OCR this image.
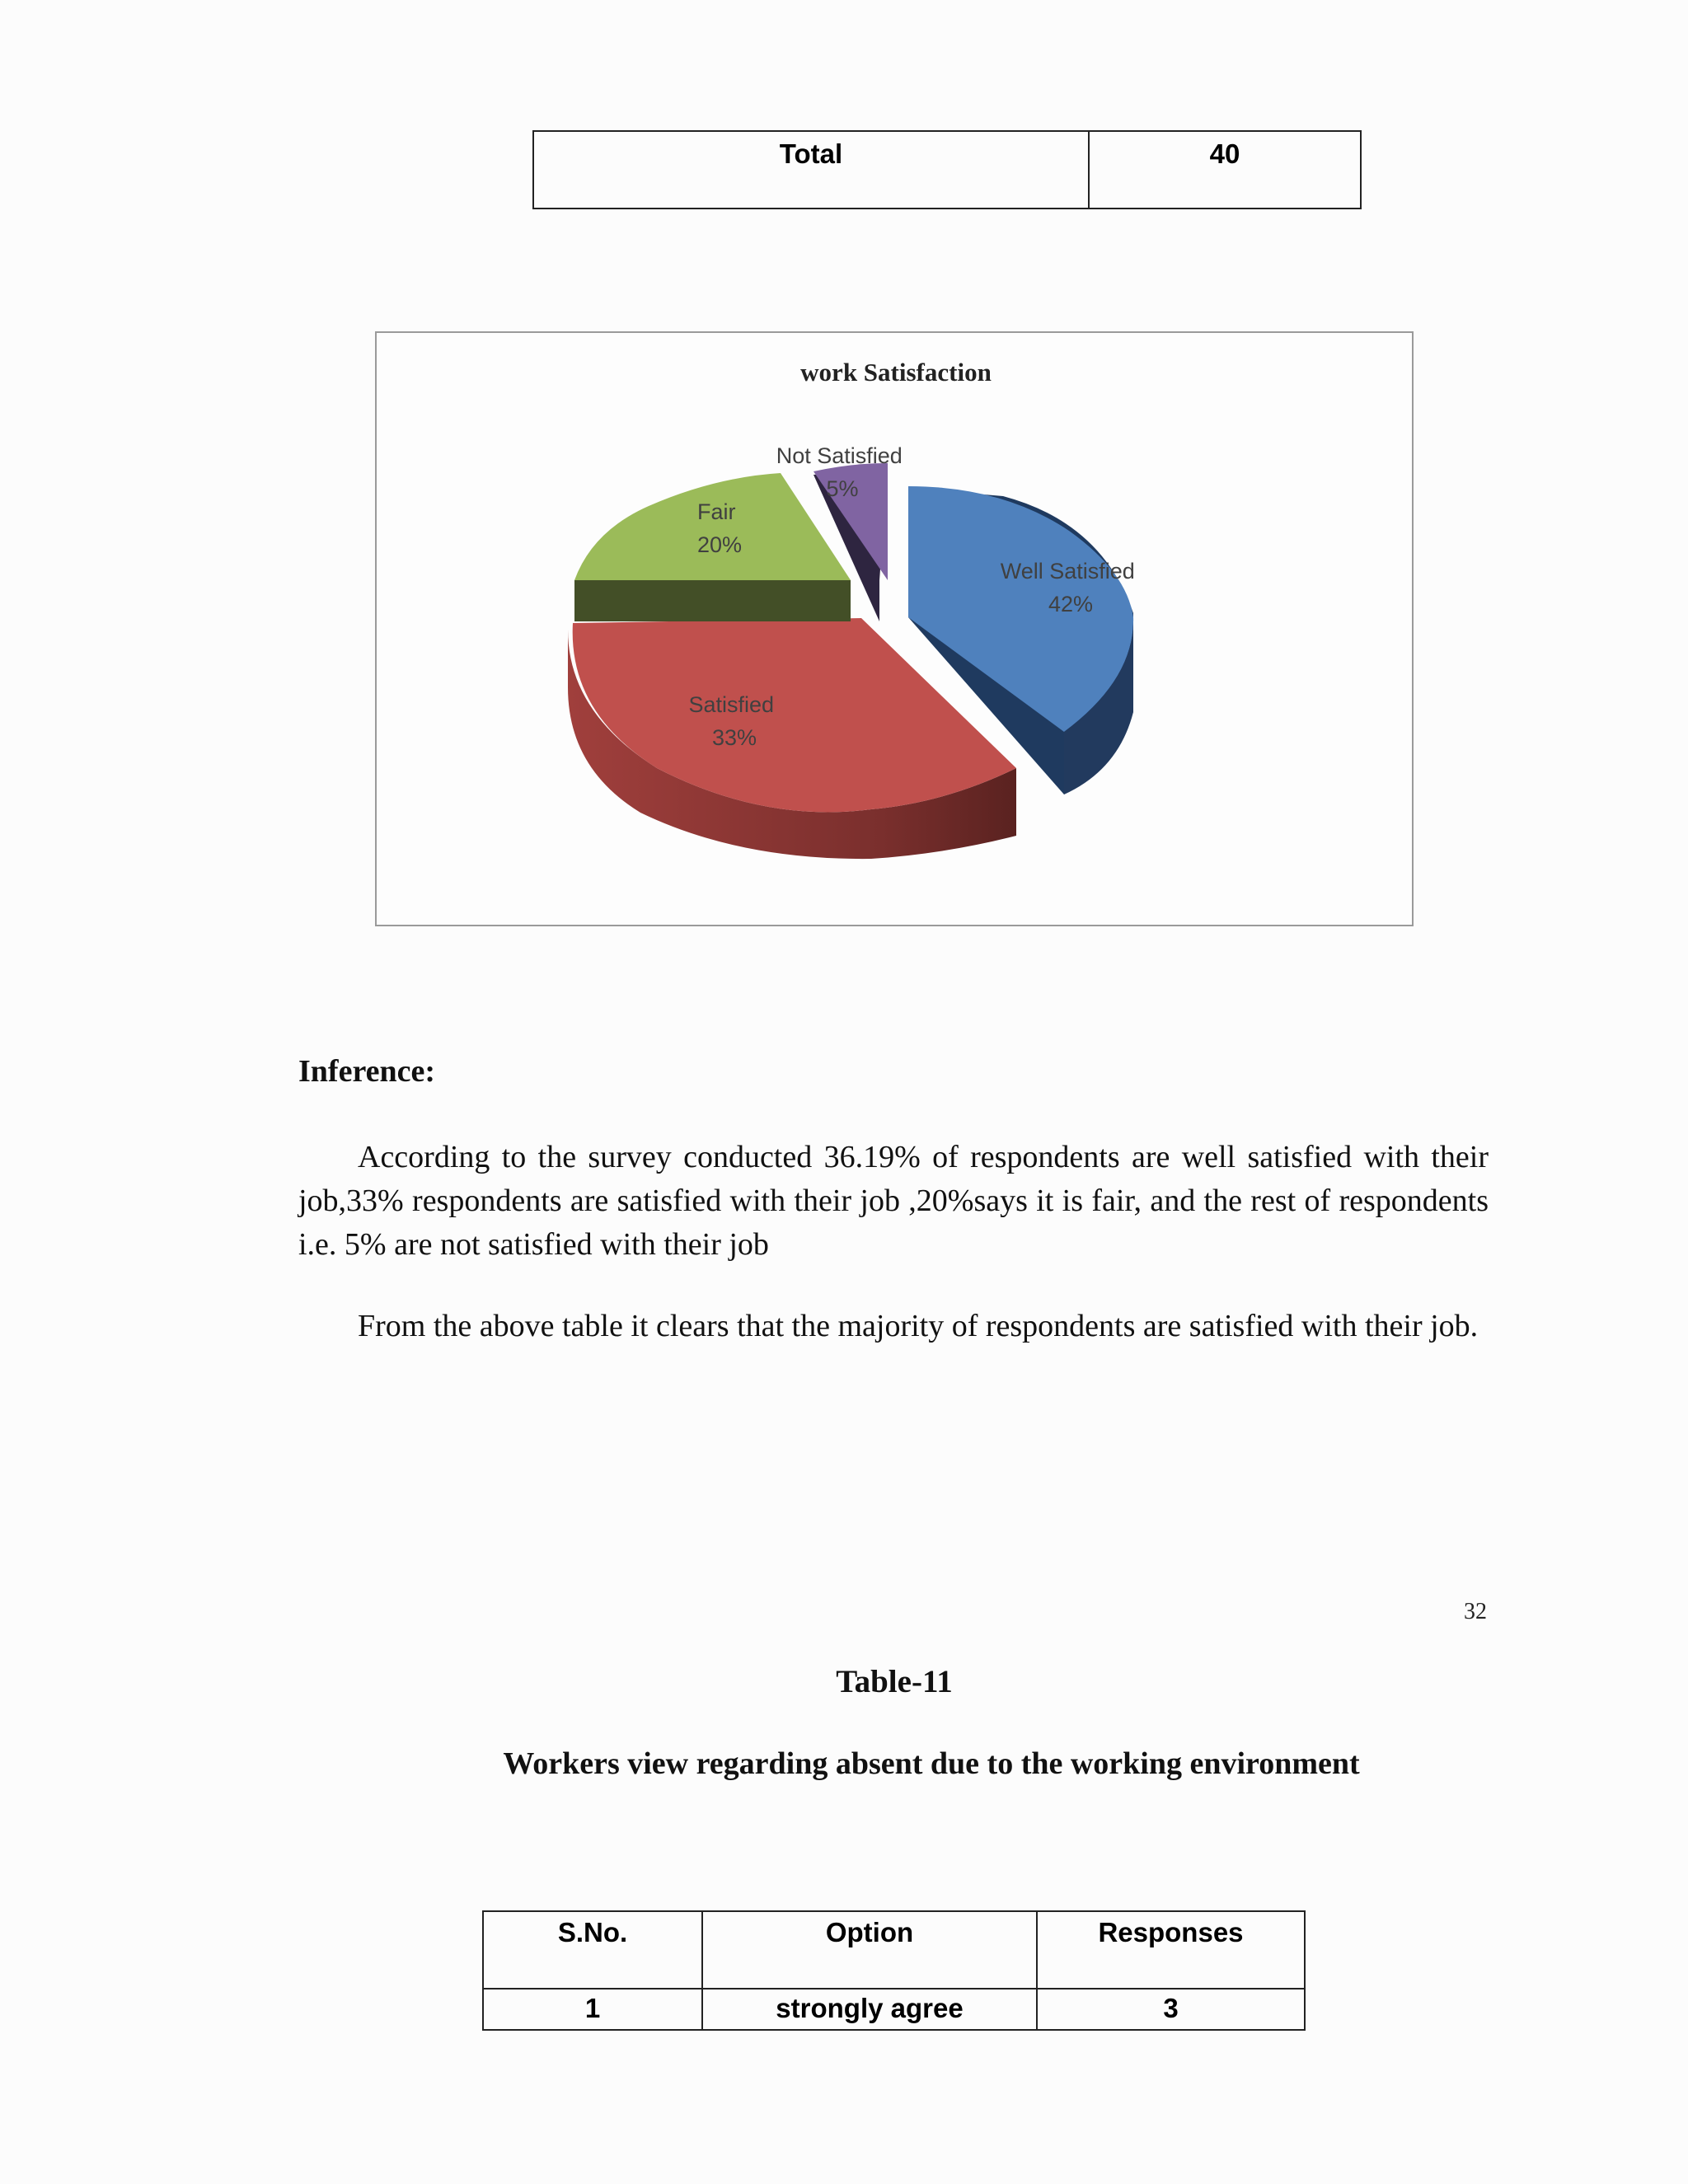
Total	40
work Satisfaction
Well Satisfied 42%
Satisfied 33%
Fair 20%
Not Satisfied 5%
Inference:

According to the survey conducted 36.19% of respondents are well satisfied with their job,33% respondents are satisfied with their job ,20%says it is fair, and the rest of respondents i.e. 5% are not satisfied with their job

From the above table it clears that the majority of respondents are satisfied with their job.

32
Table-11
Workers view regarding absent due to the working environment
S.No.	Option	Responses
1	strongly agree	3
